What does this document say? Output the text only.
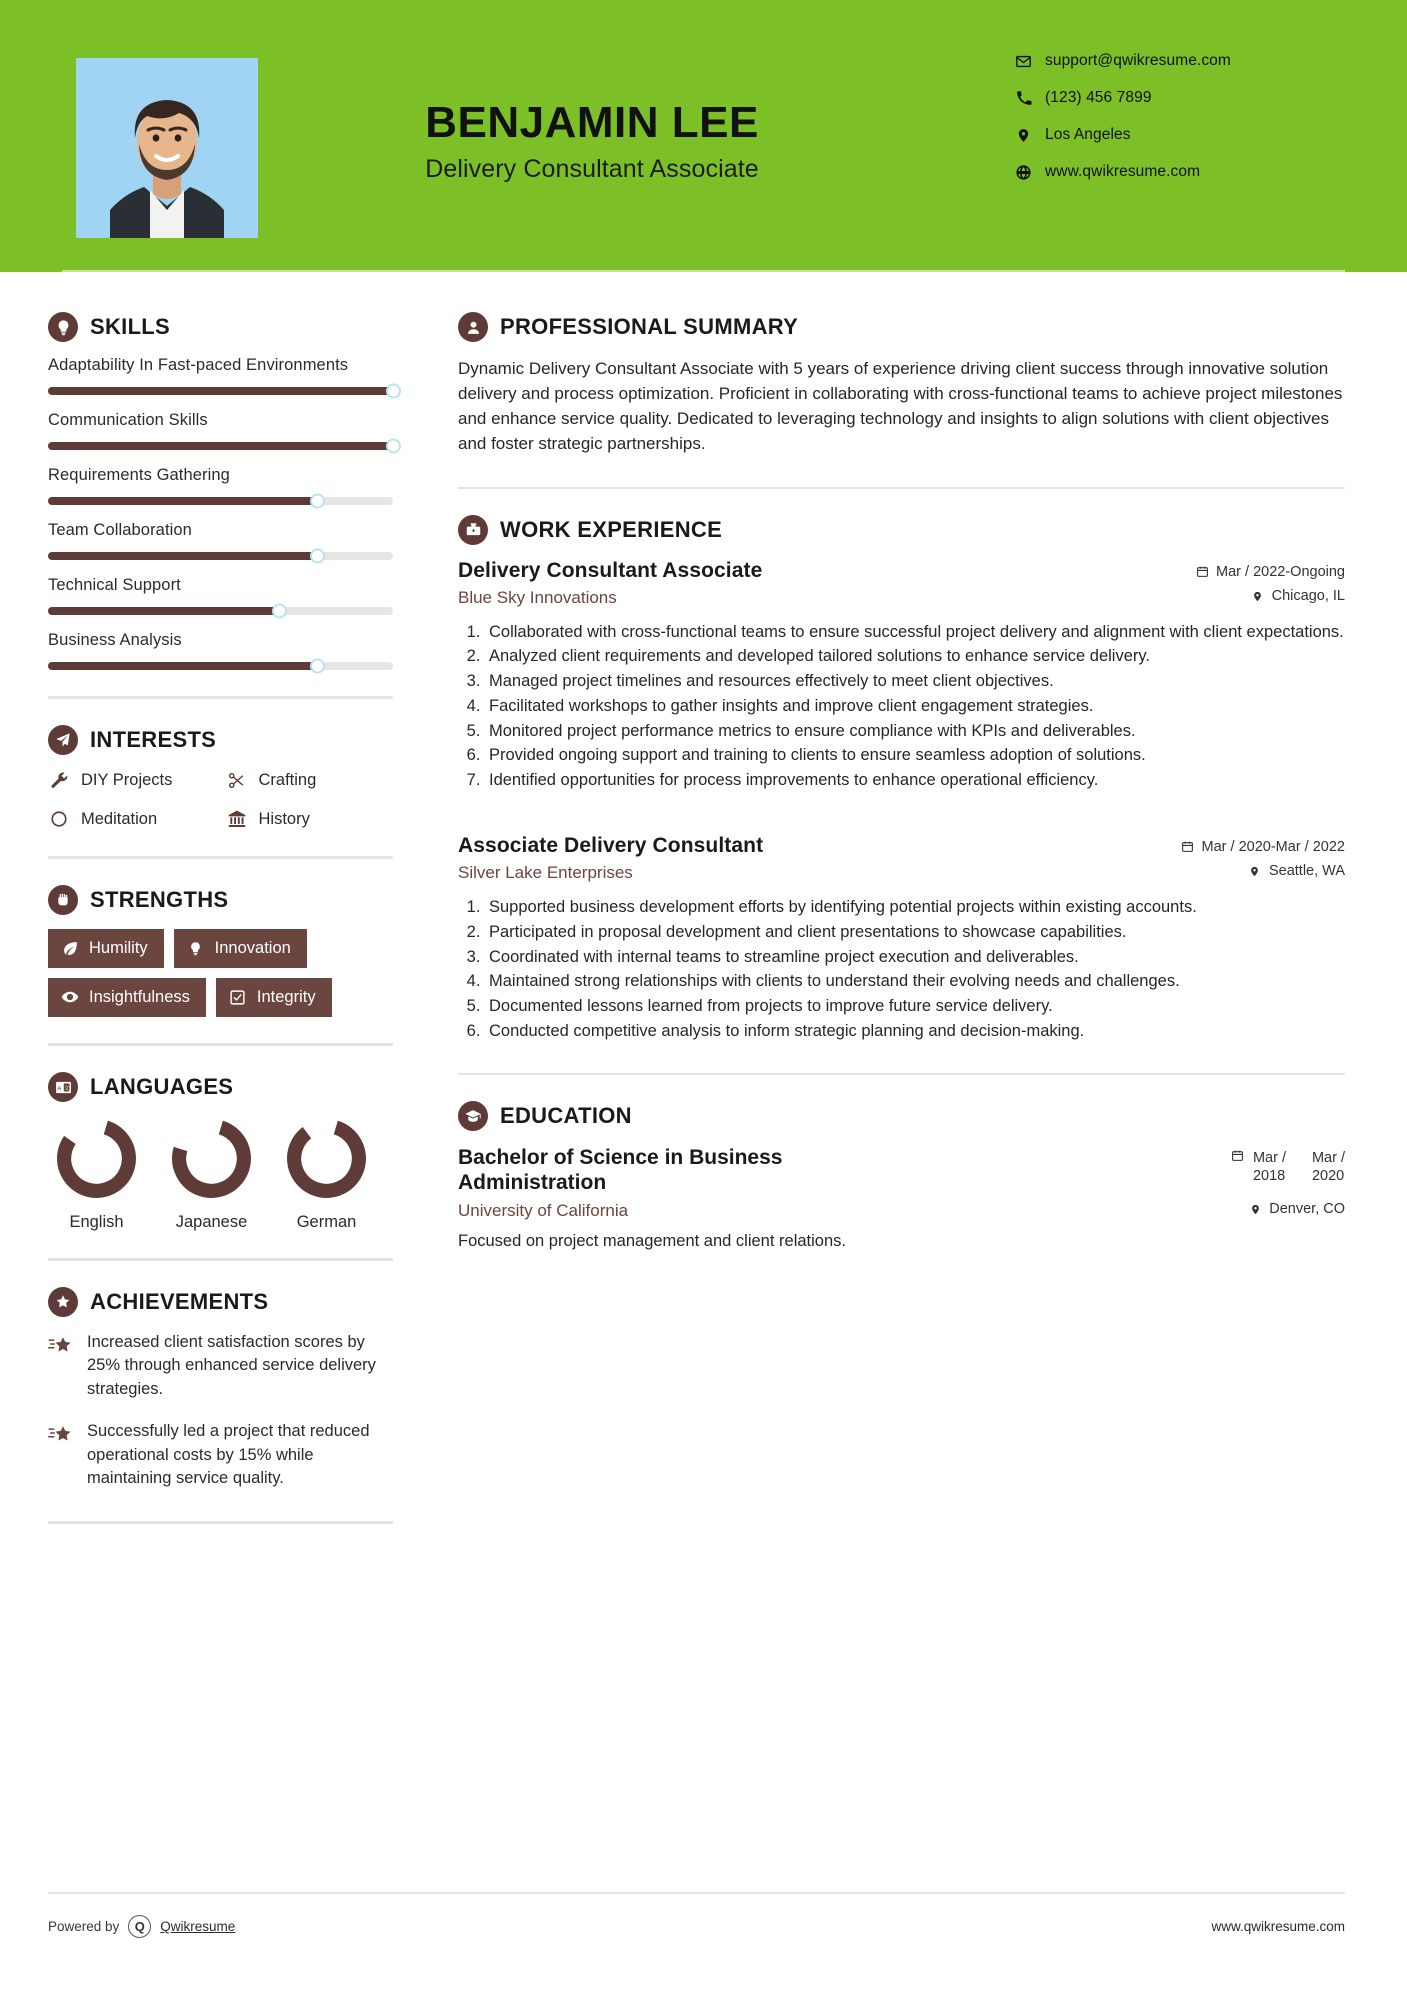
BENJAMIN LEE
Delivery Consultant Associate
support@qwikresume.com
(123) 456 7899
Los Angeles
www.qwikresume.com
SKILLS
Adaptability In Fast-paced Environments
Communication Skills
Requirements Gathering
Team Collaboration
Technical Support
Business Analysis
INTERESTS
DIY Projects	Crafting
Meditation	History
STRENGTHS
Humility	Innovation
Insightfulness	Integrity
A 文 LANGUAGES
English	Japanese	German
ACHIEVEMENTS
Increased client satisfaction scores by 25% through enhanced service delivery strategies.
Successfully led a project that reduced operational costs by 15% while maintaining service quality.
PROFESSIONAL SUMMARY

Dynamic Delivery Consultant Associate with 5 years of experience driving client success through innovative solution delivery and process optimization. Proficient in collaborating with cross-functional teams to achieve project milestones and enhance service quality. Dedicated to leveraging technology and insights to align solutions with client objectives and foster strategic partnerships.

WORK EXPERIENCE
Delivery Consultant Associate	Mar / 2022-Ongoing
Blue Sky Innovations	Chicago, IL
1. Collaborated with cross-functional teams to ensure successful project delivery and alignment with client expectations.
2. Analyzed client requirements and developed tailored solutions to enhance service delivery.
3. Managed project timelines and resources effectively to meet client objectives.
4. Facilitated workshops to gather insights and improve client engagement strategies.
5. Monitored project performance metrics to ensure compliance with KPIs and deliverables.
6. Provided ongoing support and training to clients to ensure seamless adoption of solutions.
7. Identified opportunities for process improvements to enhance operational efficiency.
Associate Delivery Consultant	Mar / 2020-Mar / 2022
Silver Lake Enterprises	Seattle, WA
1. Supported business development efforts by identifying potential projects within existing accounts.
2. Participated in proposal development and client presentations to showcase capabilities.
3. Coordinated with internal teams to streamline project execution and deliverables.
4. Maintained strong relationships with clients to understand their evolving needs and challenges.
5. Documented lessons learned from projects to improve future service delivery.
6. Conducted competitive analysis to inform strategic planning and decision-making.
EDUCATION
Bachelor of Science in Business Administration
Mar /
2018
Mar /
2020
University of California	Denver, CO
Focused on project management and client relations.
Powered by Q Qwikresume	www.qwikresume.com
